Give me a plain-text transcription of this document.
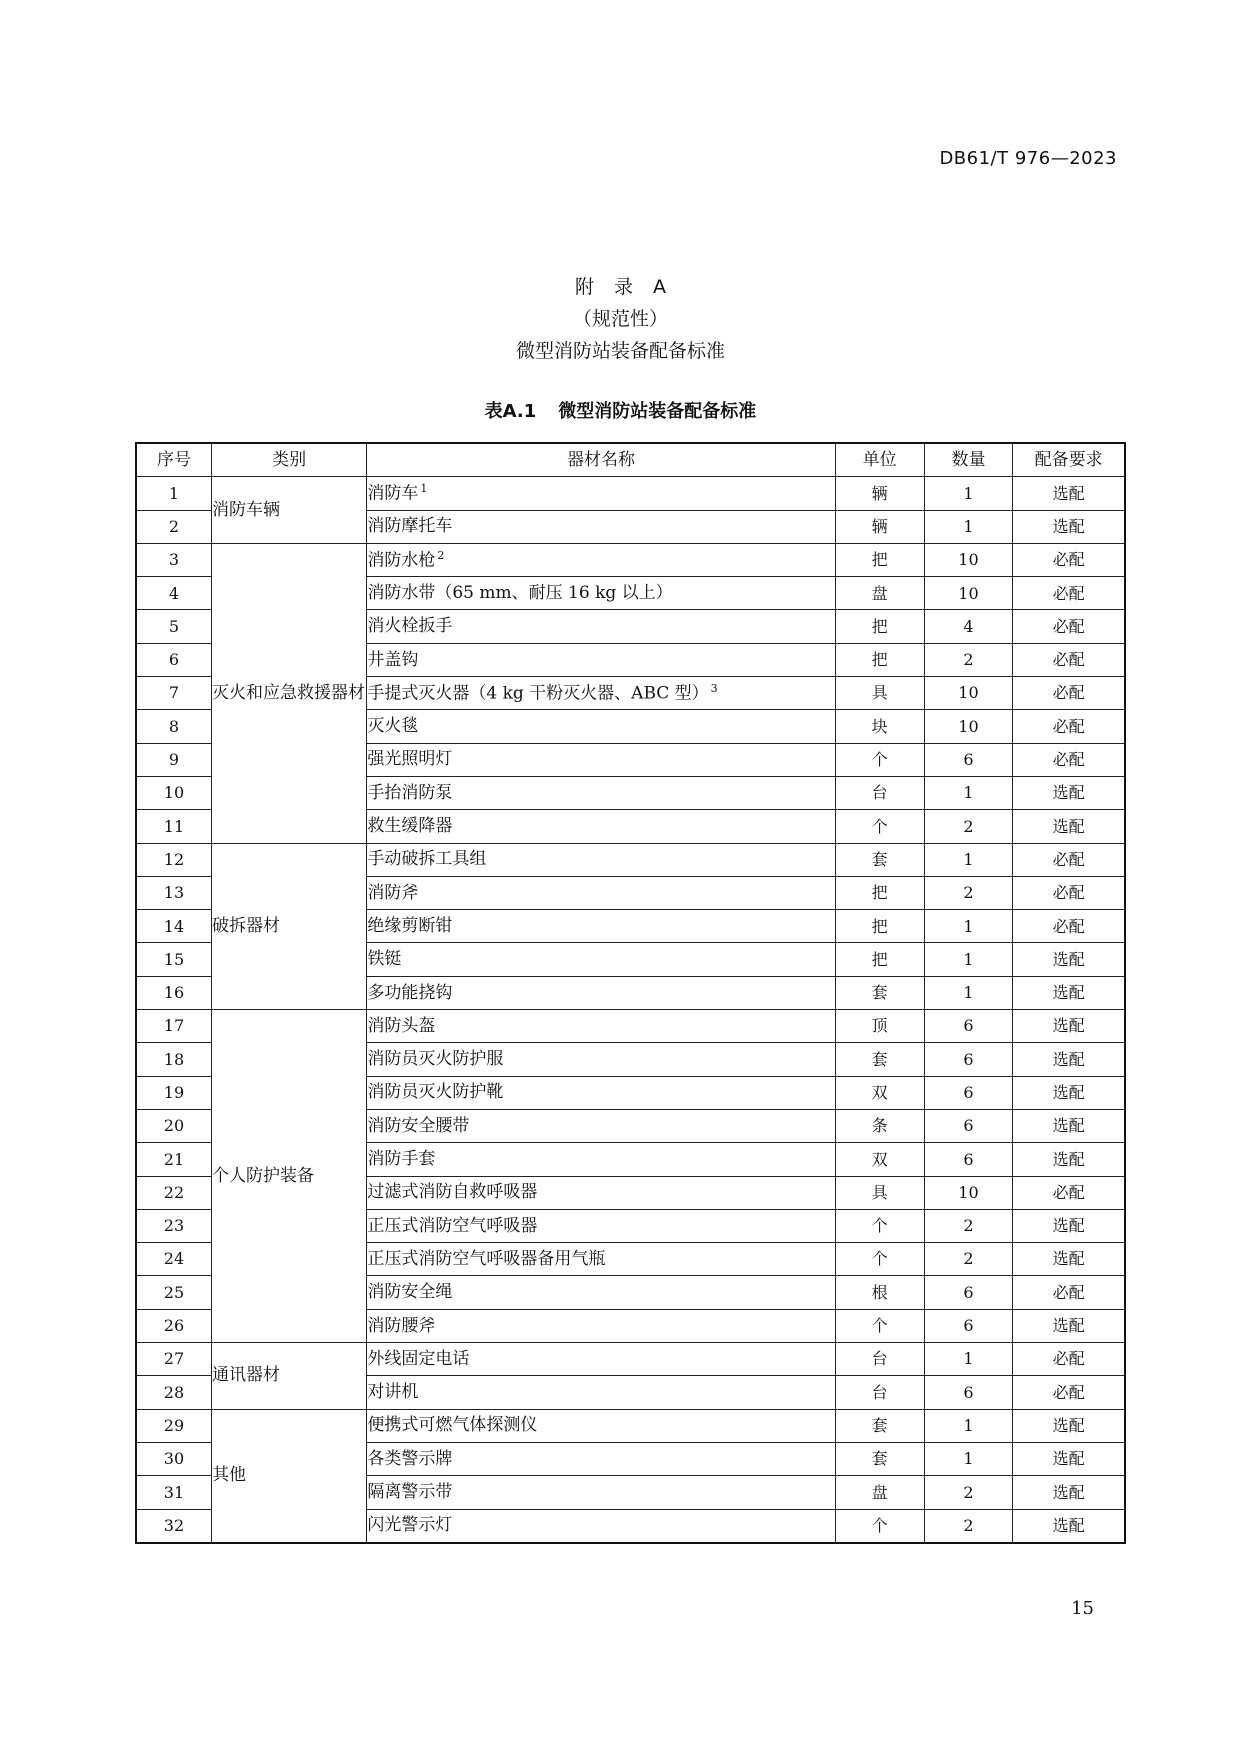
DB61/T 976—2023
附 录 A
（规范性）
微型消防站装备配备标准
表A.1 微型消防站装备配备标准
序号	类别	器材名称	单位	数量	配备要求
1	消防车辆	消防车 $^1$	辆	1	选配
2		消防摩托车	辆	1	选配
3	灭火和应急救援器材	消防水枪 $^2$	把	10	必配
4		消防水带（65 mm、耐压 16 kg 以上）	盘	10	必配
5		消火栓扳手	把	4	必配
6		井盖钩	把	2	必配
7		手提式灭火器（4 kg 干粉灭火器、ABC 型） $^3$	具	10	必配
8		灭火毯	块	10	必配
9		强光照明灯	个	6	必配
10		手抬消防泵	台	1	选配
11		救生缓降器	个	2	选配
12	破拆器材	手动破拆工具组	套	1	必配
13		消防斧	把	2	必配
14		绝缘剪断钳	把	1	必配
15		铁铤	把	1	选配
16		多功能挠钩	套	1	选配
17	个人防护装备	消防头盔	顶	6	选配
18		消防员灭火防护服	套	6	选配
19		消防员灭火防护靴	双	6	选配
20		消防安全腰带	条	6	选配
21		消防手套	双	6	选配
22		过滤式消防自救呼吸器	具	10	必配
23		正压式消防空气呼吸器	个	2	选配
24		正压式消防空气呼吸器备用气瓶	个	2	选配
25		消防安全绳	根	6	必配
26		消防腰斧	个	6	选配
27	通讯器材	外线固定电话	台	1	必配
28		对讲机	台	6	必配
29	其他	便携式可燃气体探测仪	套	1	选配
30		各类警示牌	套	1	选配
31		隔离警示带	盘	2	选配
32		闪光警示灯	个	2	选配
15
